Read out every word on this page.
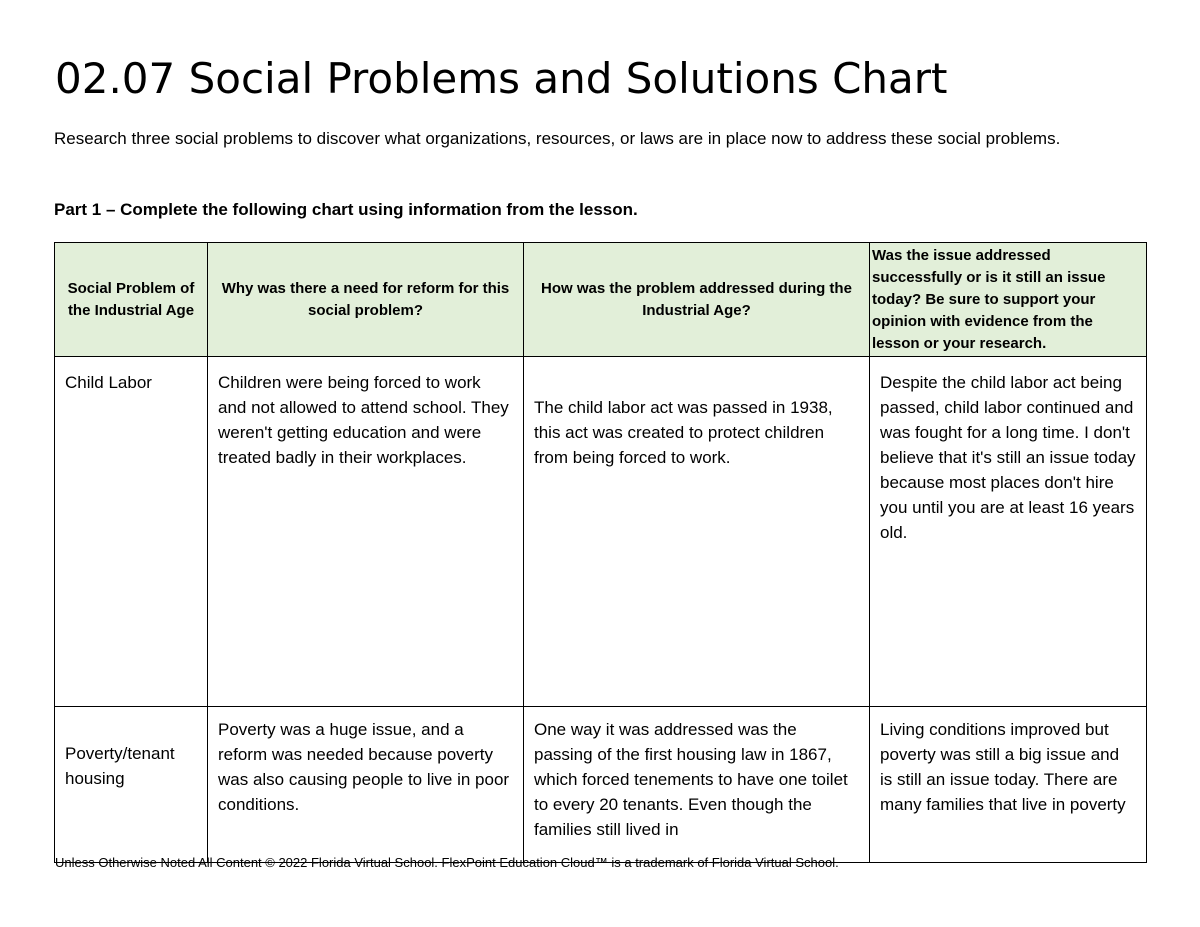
02.07 Social Problems and Solutions Chart
Research three social problems to discover what organizations, resources, or laws are in place now to address these social problems.
Part 1 – Complete the following chart using information from the lesson.
Social Problem of the Industrial Age	Why was there a need for reform for this social problem?	How was the problem addressed during the Industrial Age?	Was the issue addressed successfully or is it still an issue today? Be sure to support your opinion with evidence from the lesson or your research.
Child Labor	Children were being forced to work and not allowed to attend school. They weren't getting education and were treated badly in their workplaces.	The child labor act was passed in 1938, this act was created to protect children from being forced to work.	Despite the child labor act being passed, child labor continued and was fought for a long time. I don't believe that it's still an issue today because most places don't hire you until you are at least 16 years old.

Poverty/tenant housing	Poverty was a huge issue, and a reform was needed because poverty was also causing people to live in poor conditions.	One way it was addressed was the passing of the first housing law in 1867, which forced tenements to have one toilet to every 20 tenants. Even though the families still lived in	Living conditions improved but poverty was still a big issue and is still an issue today. There are many families that live in poverty
Unless Otherwise Noted All Content © 2022 Florida Virtual School. FlexPoint Education Cloud™ is a trademark of Florida Virtual School.
